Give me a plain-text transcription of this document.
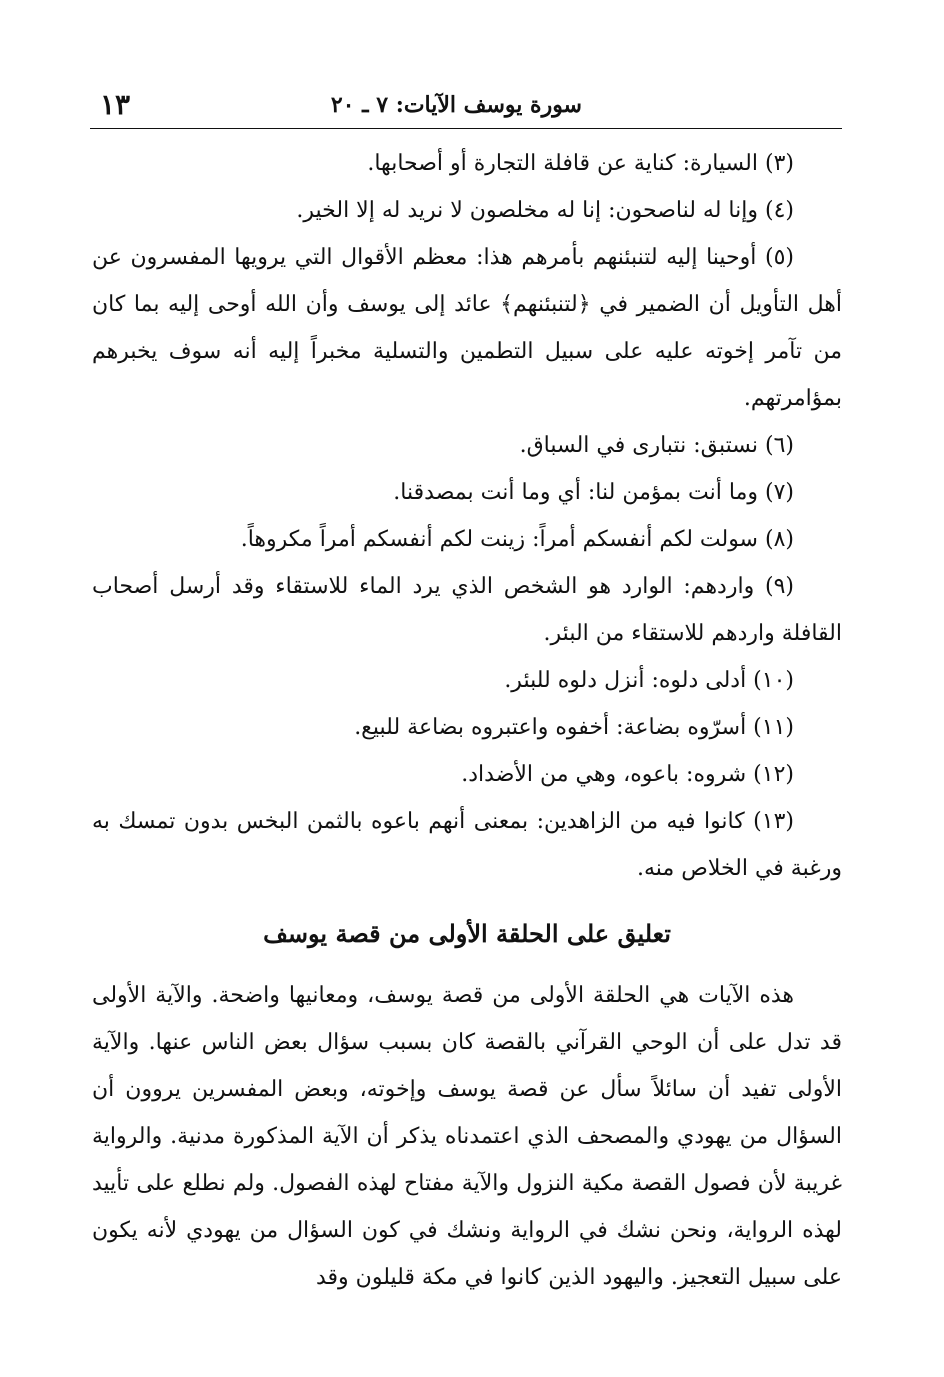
١٣	سورة يوسف الآيات: ٧ ـ ٢٠

(٣) السيارة: كناية عن قافلة التجارة أو أصحابها.

(٤) وإنا له لناصحون: إنا له مخلصون لا نريد له إلا الخير.

(٥) أوحينا إليه لتنبئنهم بأمرهم هذا: معظم الأقوال التي يرويها المفسرون عن أهل التأويل أن الضمير في ﴿لتنبئنهم﴾ عائد إلى يوسف وأن الله أوحى إليه بما كان من تآمر إخوته عليه على سبيل التطمين والتسلية مخبراً إليه أنه سوف يخبرهم بمؤامرتهم.

(٦) نستبق: نتبارى في السباق.

(٧) وما أنت بمؤمن لنا: أي وما أنت بمصدقنا.

(٨) سولت لكم أنفسكم أمراً: زينت لكم أنفسكم أمراً مكروهاً.

(٩) واردهم: الوارد هو الشخص الذي يرد الماء للاستقاء وقد أرسل أصحاب القافلة واردهم للاستقاء من البئر.

(١٠) أدلى دلوه: أنزل دلوه للبئر.

(١١) أسرّوه بضاعة: أخفوه واعتبروه بضاعة للبيع.

(١٢) شروه: باعوه، وهي من الأضداد.

(١٣) كانوا فيه من الزاهدين: بمعنى أنهم باعوه بالثمن البخس بدون تمسك به ورغبة في الخلاص منه.

تعليق على الحلقة الأولى من قصة يوسف

هذه الآيات هي الحلقة الأولى من قصة يوسف، ومعانيها واضحة. والآية الأولى قد تدل على أن الوحي القرآني بالقصة كان بسبب سؤال بعض الناس عنها. والآية الأولى تفيد أن سائلاً سأل عن قصة يوسف وإخوته، وبعض المفسرين يروون أن السؤال من يهودي والمصحف الذي اعتمدناه يذكر أن الآية المذكورة مدنية. والرواية غريبة لأن فصول القصة مكية النزول والآية مفتاح لهذه الفصول. ولم نطلع على تأييد لهذه الرواية، ونحن نشك في الرواية ونشك في كون السؤال من يهودي لأنه يكون على سبيل التعجيز. واليهود الذين كانوا في مكة قليلون وقد
